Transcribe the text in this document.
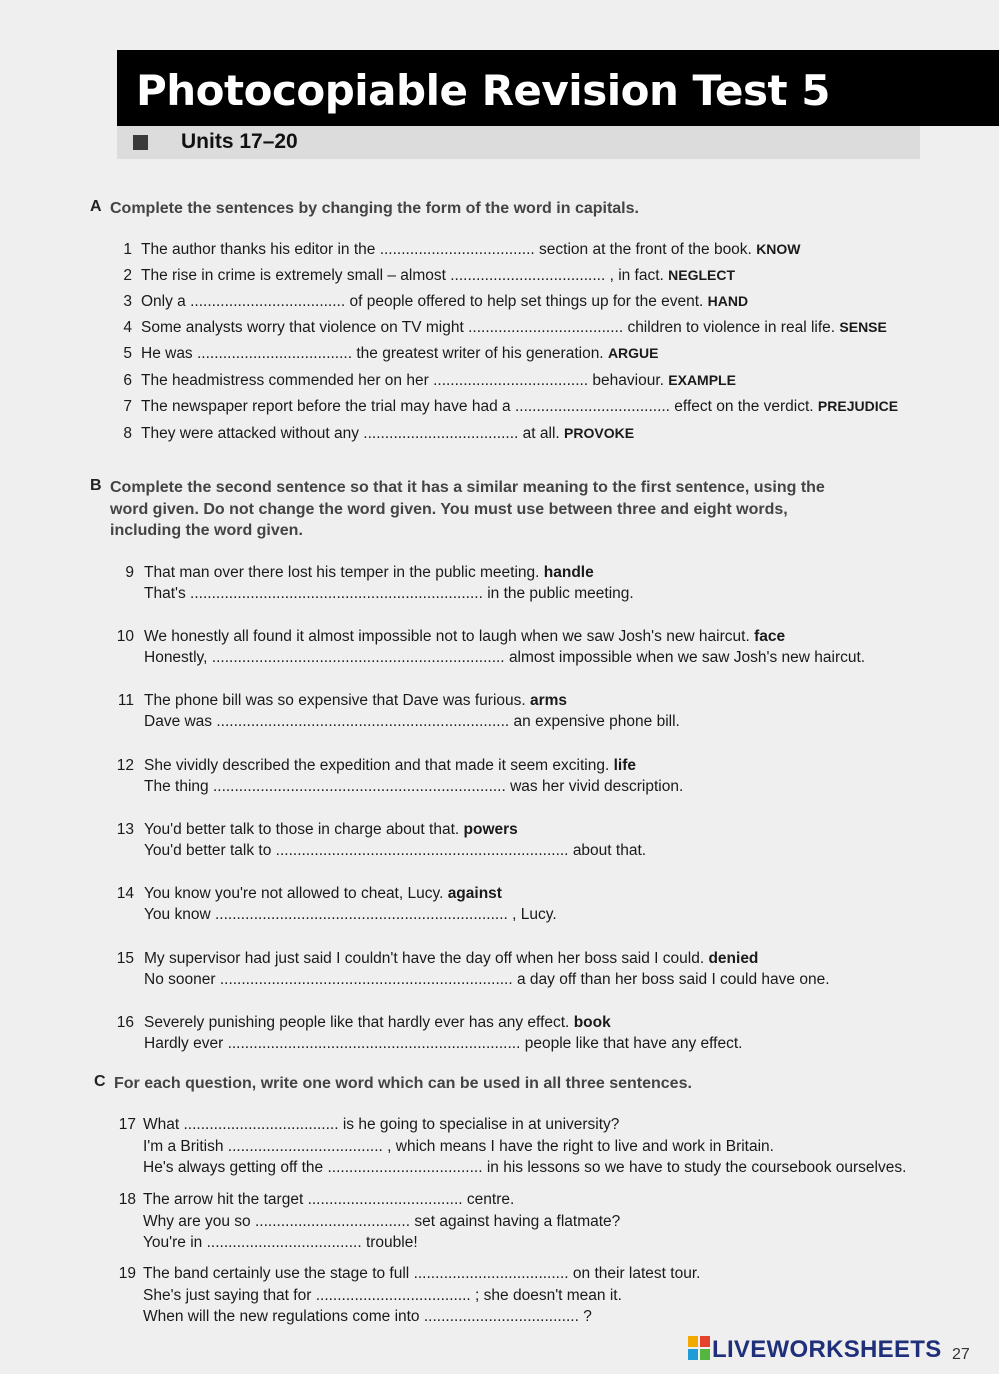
Photocopiable Revision Test 5
Units 17–20
A Complete the sentences by changing the form of the word in capitals.
1 The author thanks his editor in the .................................... section at the front of the book. KNOW
2 The rise in crime is extremely small – almost .................................... , in fact. NEGLECT
3 Only a .................................... of people offered to help set things up for the event. HAND
4 Some analysts worry that violence on TV might .................................... children to violence in real life. SENSE
5 He was .................................... the greatest writer of his generation. ARGUE
6 The headmistress commended her on her .................................... behaviour. EXAMPLE
7 The newspaper report before the trial may have had a .................................... effect on the verdict. PREJUDICE
8 They were attacked without any .................................... at all. PROVOKE
B Complete the second sentence so that it has a similar meaning to the first sentence, using the
word given. Do not change the word given. You must use between three and eight words,
including the word given.
9 That man over there lost his temper in the public meeting. handle
That's .................................................................... in the public meeting.
10 We honestly all found it almost impossible not to laugh when we saw Josh's new haircut. face
Honestly, .................................................................... almost impossible when we saw Josh's new haircut.
11 The phone bill was so expensive that Dave was furious. arms
Dave was .................................................................... an expensive phone bill.
12 She vividly described the expedition and that made it seem exciting. life
The thing .................................................................... was her vivid description.
13 You'd better talk to those in charge about that. powers
You'd better talk to .................................................................... about that.
14 You know you're not allowed to cheat, Lucy. against
You know .................................................................... , Lucy.
15 My supervisor had just said I couldn't have the day off when her boss said I could. denied
No sooner .................................................................... a day off than her boss said I could have one.
16 Severely punishing people like that hardly ever has any effect. book
Hardly ever .................................................................... people like that have any effect.
C For each question, write one word which can be used in all three sentences.
17 What .................................... is he going to specialise in at university?
I'm a British .................................... , which means I have the right to live and work in Britain.
He's always getting off the .................................... in his lessons so we have to study the coursebook ourselves.
18 The arrow hit the target .................................... centre.
Why are you so .................................... set against having a flatmate?
You're in .................................... trouble!
19 The band certainly use the stage to full .................................... on their latest tour.
She's just saying that for .................................... ; she doesn't mean it.
When will the new regulations come into .................................... ?
LIVEWORKSHEETS 27
